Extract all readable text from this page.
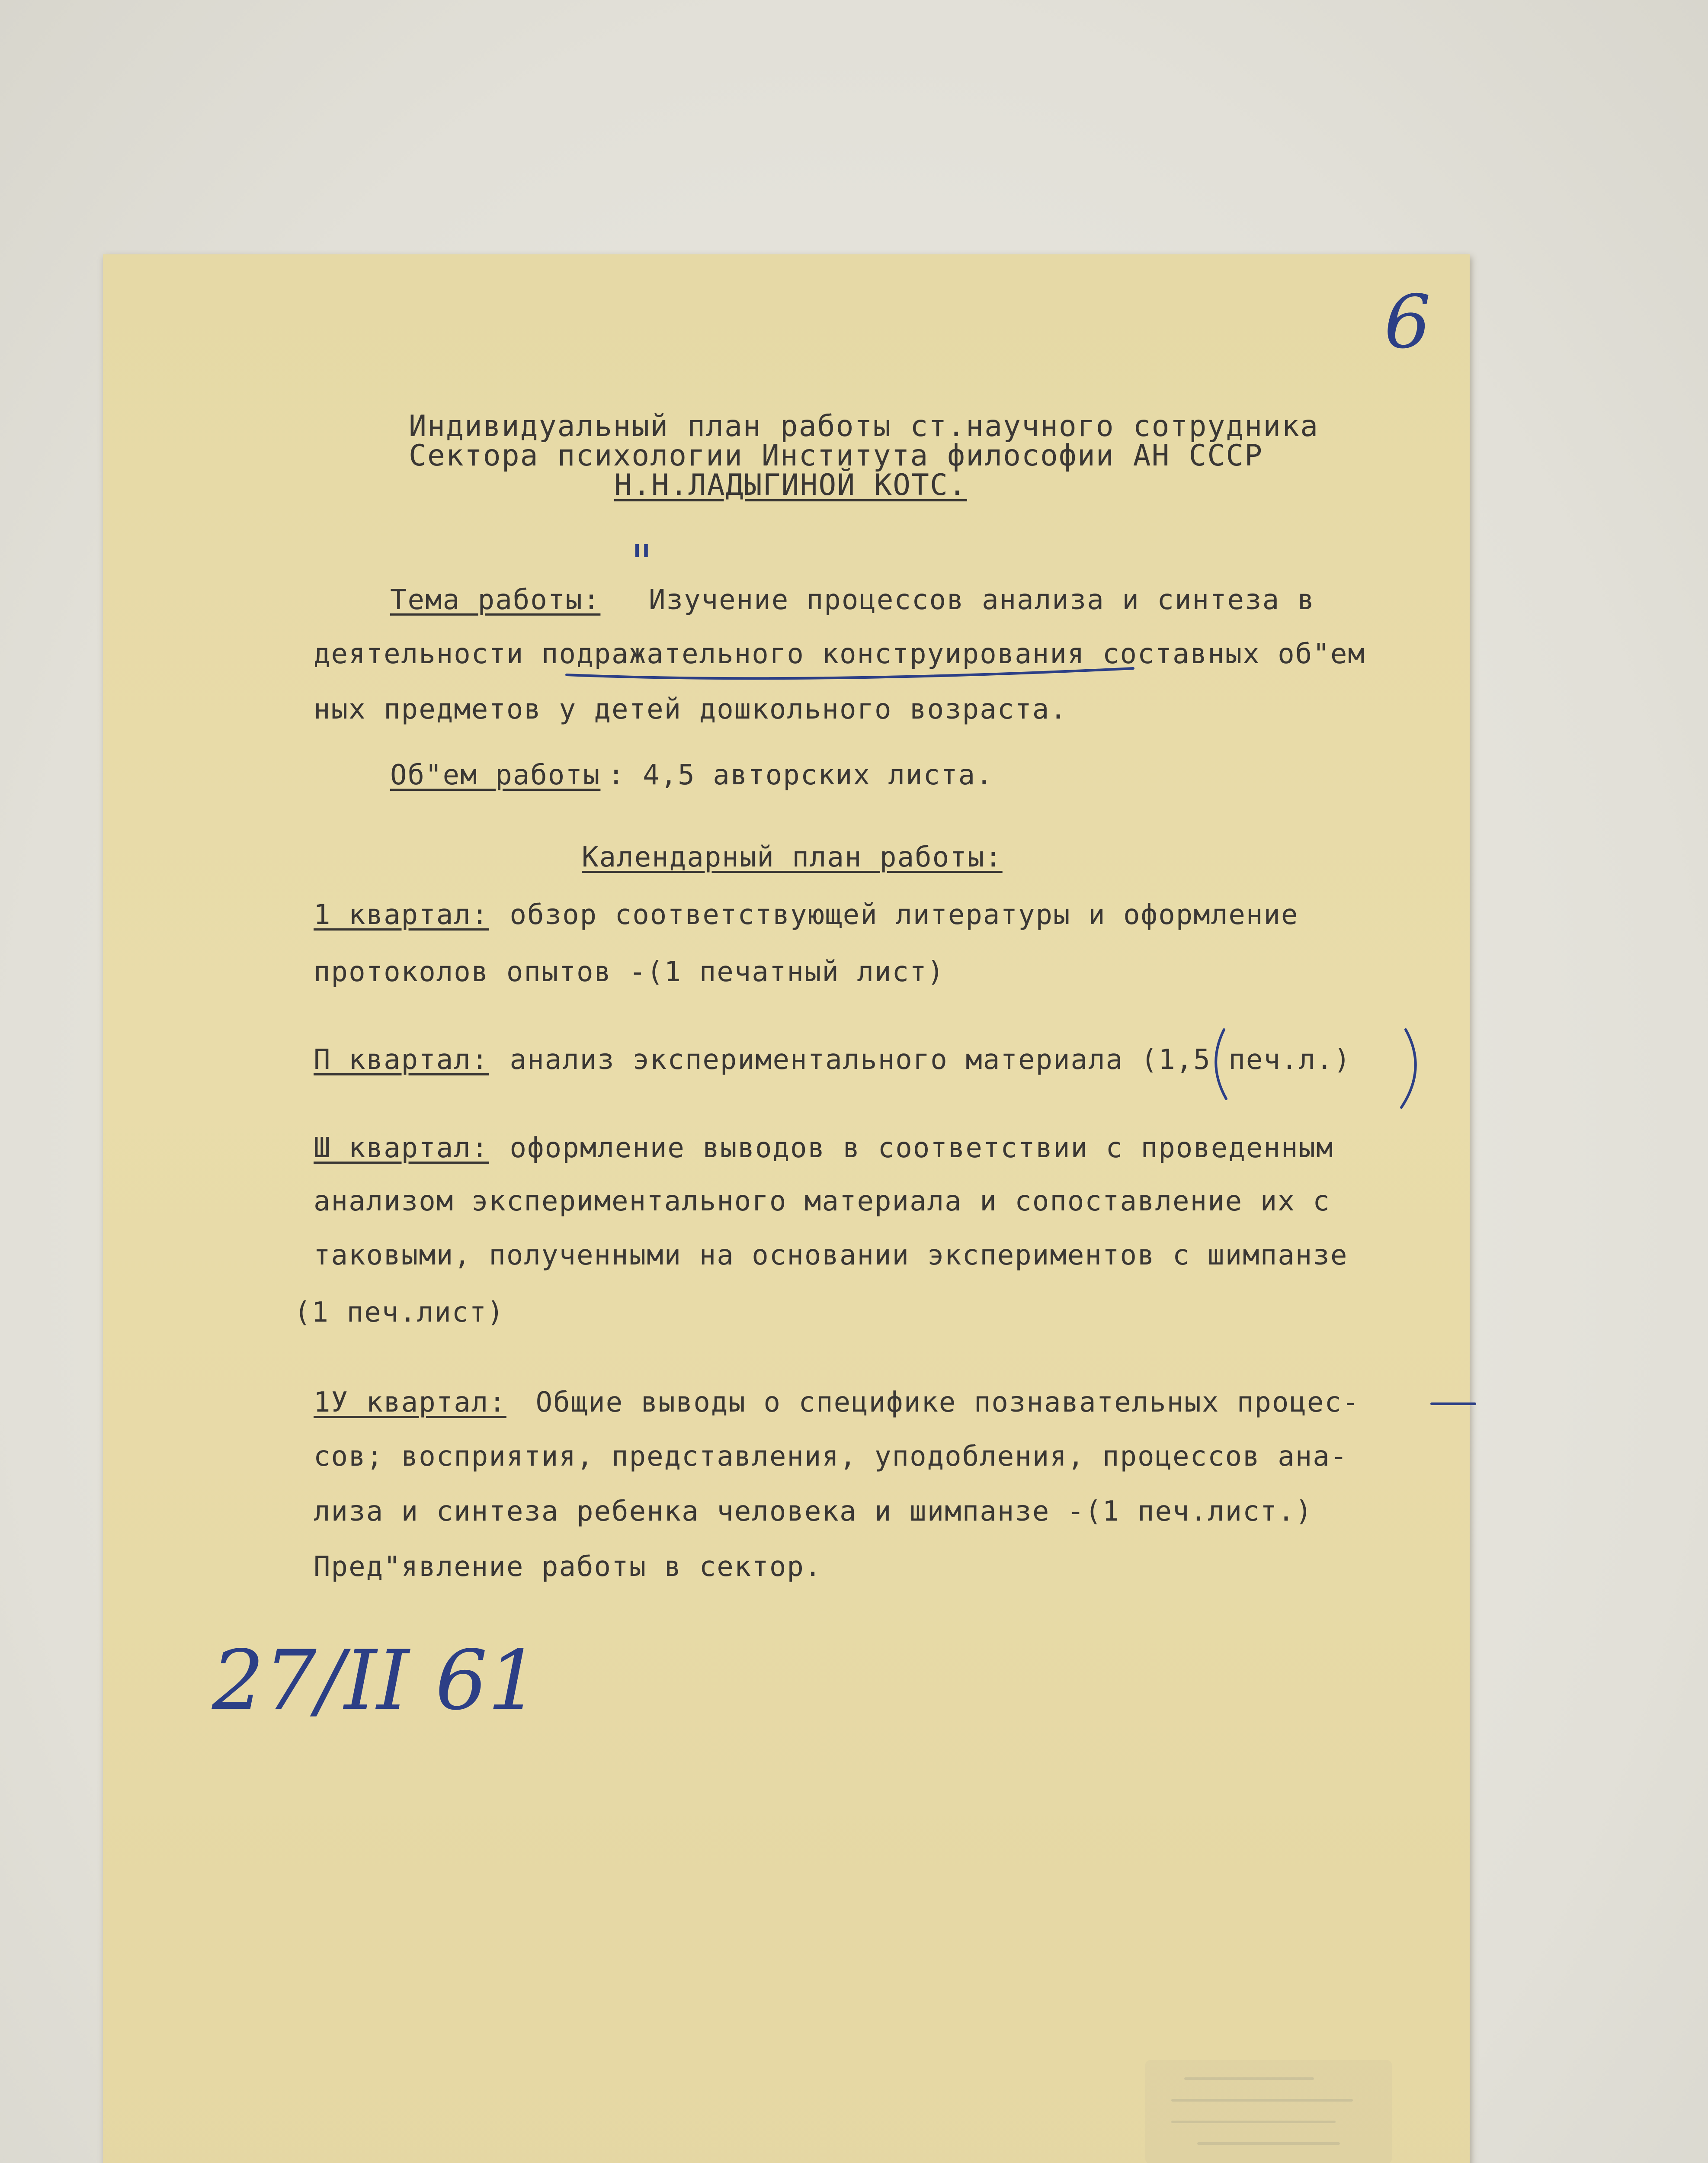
6
Индивидуальный план работы ст.научного сотрудника
Сектора психологии Института философии АН СССР
Н.Н.ЛАДЫГИНОЙ КОТС.
Тема работы:
"
Изучение процессов анализа и синтеза в
деятельности подражательного конструирования составных об"ем
ных предметов у детей дошкольного возраста.
Об"ем работы : 4,5 авторских листа.
Календарный план работы:
1 квартал: обзор соответствующей литературы и оформление
протоколов опытов -(1 печатный лист)
П квартал: анализ экспериментального материала (1,5 печ.л.)
Ш квартал: оформление выводов в соответствии с проведенным
анализом экспериментального материала и сопоставление их с
таковыми, полученными на основании экспериментов с шимпанзе
(1 печ.лист)
1У квартал: Общие выводы о специфике познавательных процес-
сов; восприятия, представления, уподобления, процессов ана-
лиза и синтеза ребенка человека и шимпанзе -(1 печ.лист.)
Пред"явление работы в сектор.
27/II 61
